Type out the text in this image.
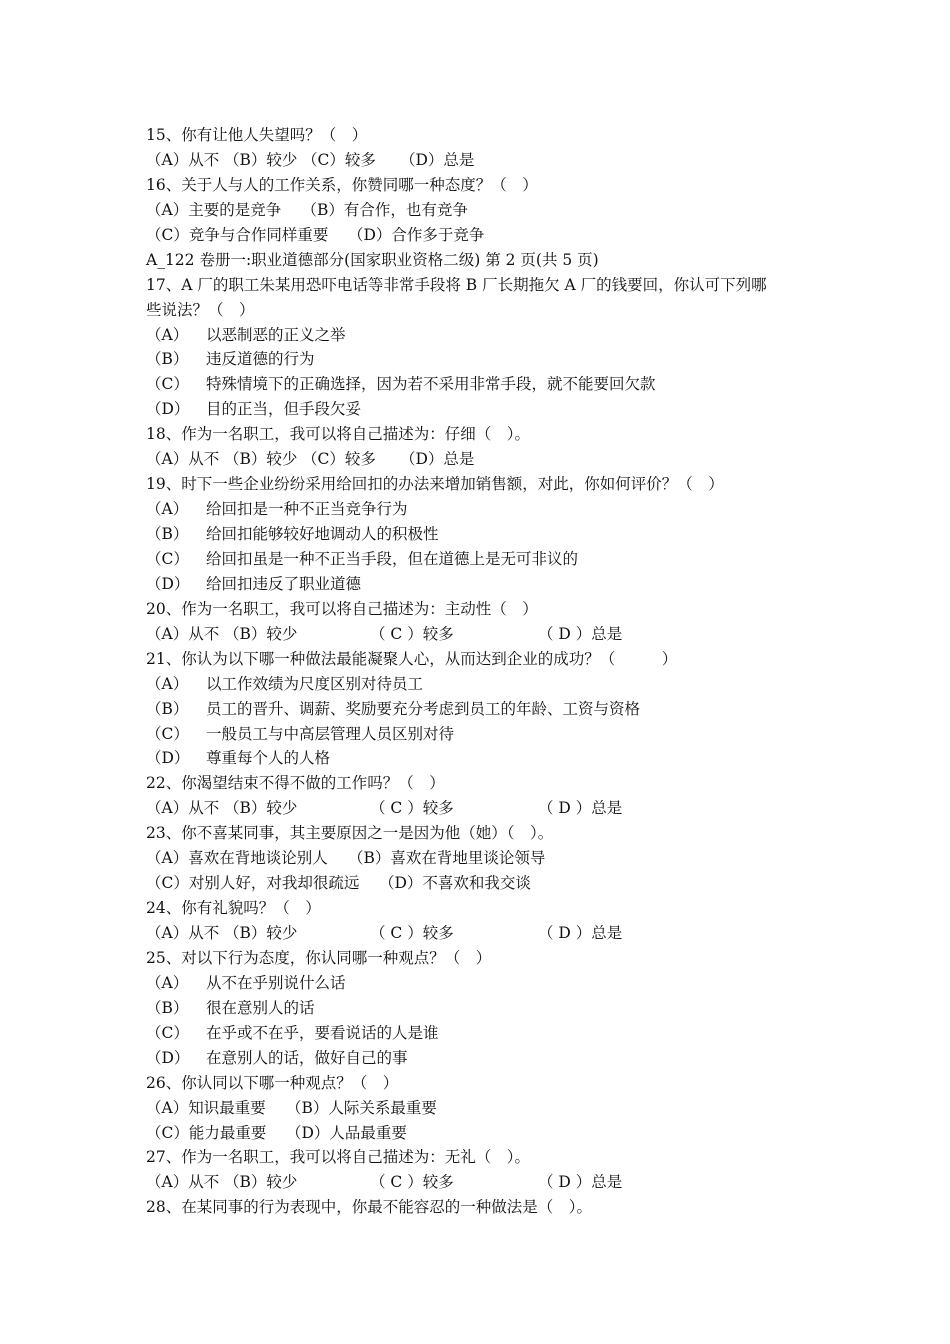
15、你有让他人失望吗？（　）
（A）从不 （B）较少 （C）较多	（D）总是
16、关于人与人的工作关系，你赞同哪一种态度？（　）
（A）主要的是竞争 （B）有合作，也有竞争
（C）竞争与合作同样重要 （D）合作多于竞争
A_122 卷册一:职业道德部分(国家职业资格二级) 第 2 页(共 5 页)
17、A 厂的职工朱某用恐吓电话等非常手段将 B 厂长期拖欠 A 厂的钱要回，你认可下列哪
些说法？（　）
（A） 以恶制恶的正义之举
（B） 违反道德的行为
（C） 特殊情境下的正确选择，因为若不采用非常手段，就不能要回欠款
（D） 目的正当，但手段欠妥
18、作为一名职工，我可以将自己描述为：仔细（　）。
（A）从不 （B）较少 （C）较多	（D）总是
19、时下一些企业纷纷采用给回扣的办法来增加销售额，对此，你如何评价？（　）
（A） 给回扣是一种不正当竞争行为
（B） 给回扣能够较好地调动人的积极性
（C） 给回扣虽是一种不正当手段，但在道德上是无可非议的
（D） 给回扣违反了职业道德
20、作为一名职工，我可以将自己描述为：主动性（　）
（A）从不 （B）较少	（ C ）较多	（ D ）总是
21、你认为以下哪一种做法最能凝聚人心，从而达到企业的成功？（　　　）
（A） 以工作效绩为尺度区别对待员工
（B） 员工的晋升、调薪、奖励要充分考虑到员工的年龄、工资与资格
（C） 一般员工与中高层管理人员区别对待
（D） 尊重每个人的人格
22、你渴望结束不得不做的工作吗？（　）
（A）从不 （B）较少	（ C ）较多	（ D ）总是
23、你不喜某同事，其主要原因之一是因为他（她）（　）。
（A）喜欢在背地谈论别人 （B）喜欢在背地里谈论领导
（C）对别人好，对我却很疏远 （D）不喜欢和我交谈
24、你有礼貌吗？（　）
（A）从不 （B）较少	（ C ）较多	（ D ）总是
25、对以下行为态度，你认同哪一种观点？（　）
（A） 从不在乎别说什么话
（B） 很在意别人的话
（C） 在乎或不在乎，要看说话的人是谁
（D） 在意别人的话，做好自己的事
26、你认同以下哪一种观点？（　）
（A）知识最重要 （B）人际关系最重要
（C）能力最重要 （D）人品最重要
27、作为一名职工，我可以将自己描述为：无礼（　）。
（A）从不 （B）较少	（ C ）较多	（ D ）总是
28、在某同事的行为表现中，你最不能容忍的一种做法是（　）。
